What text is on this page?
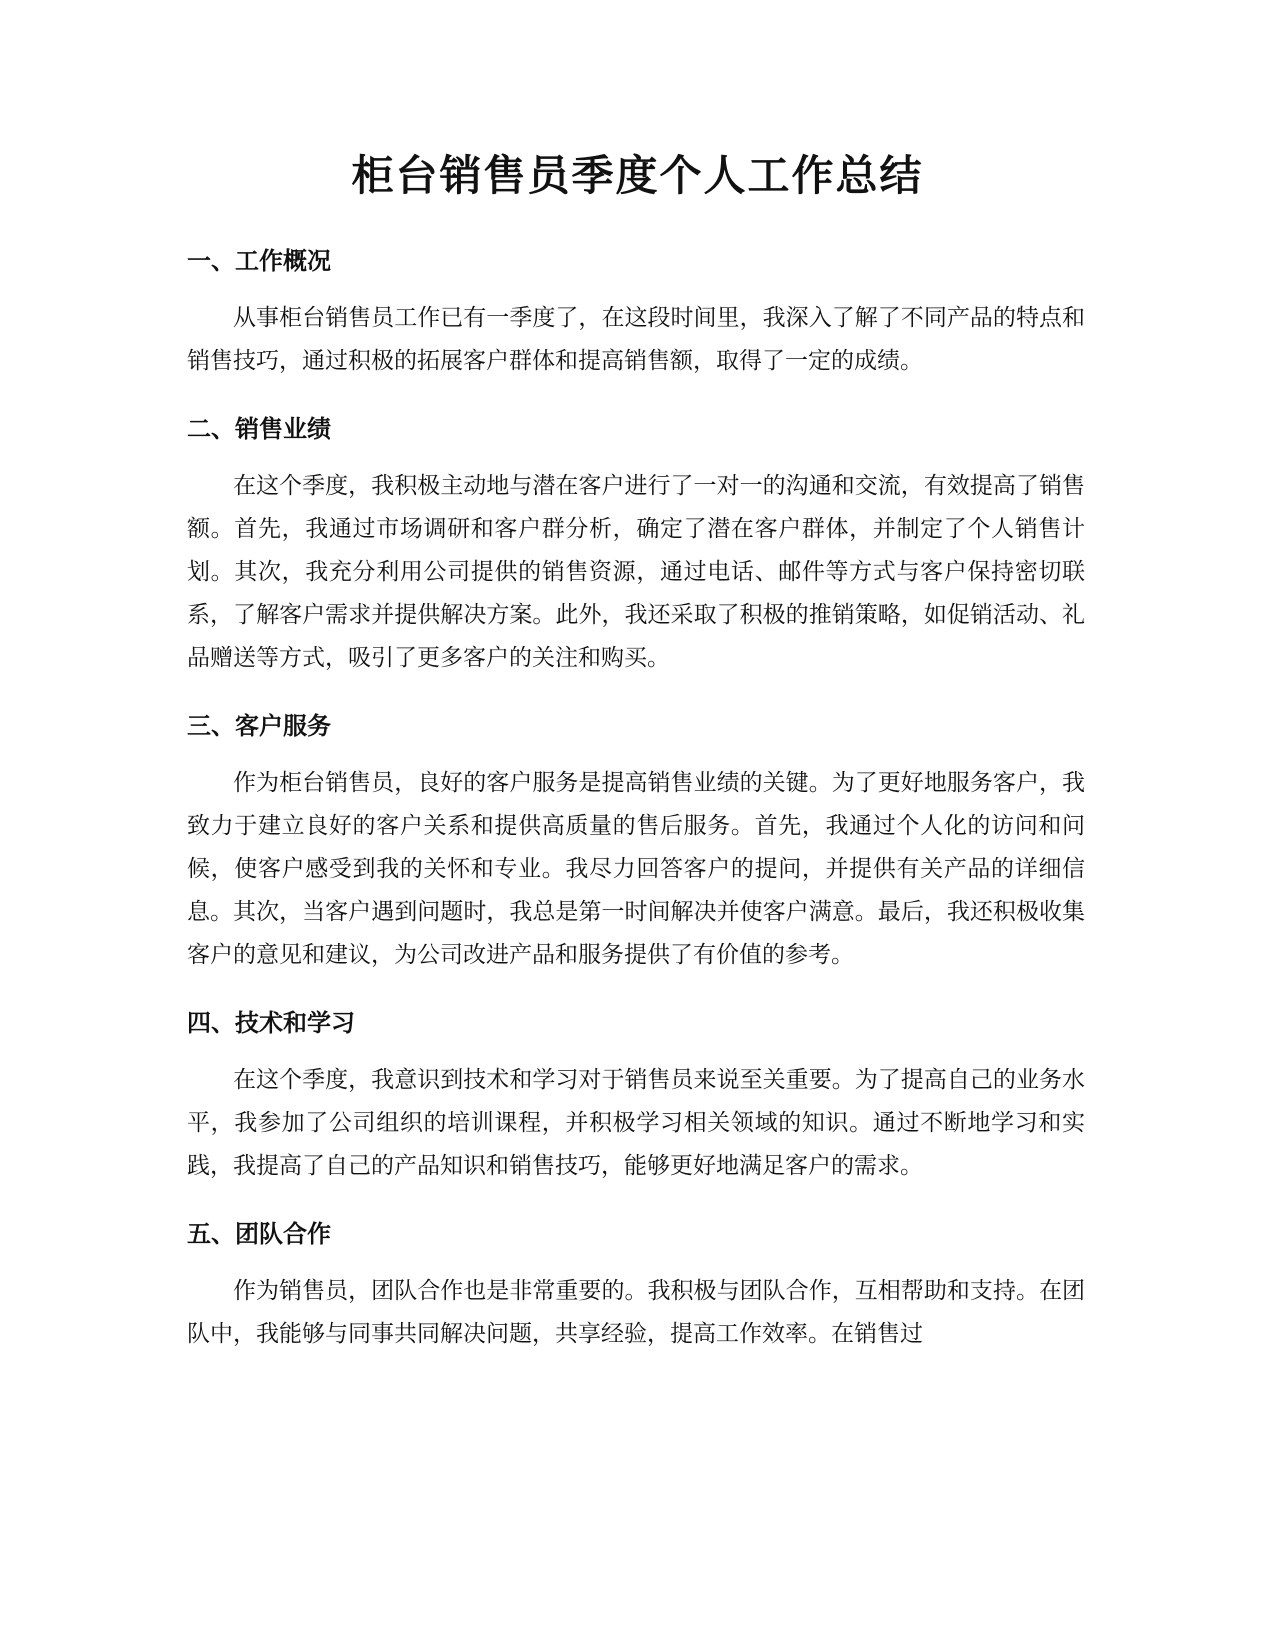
柜台销售员季度个人工作总结
一、工作概况

从事柜台销售员工作已有一季度了，在这段时间里，我深入了解了不同产品的特点和销售技巧，通过积极的拓展客户群体和提高销售额，取得了一定的成绩。

二、销售业绩

在这个季度，我积极主动地与潜在客户进行了一对一的沟通和交流，有效提高了销售额。首先，我通过市场调研和客户群分析，确定了潜在客户群体，并制定了个人销售计划。其次，我充分利用公司提供的销售资源，通过电话、邮件等方式与客户保持密切联系，了解客户需求并提供解决方案。此外，我还采取了积极的推销策略，如促销活动、礼品赠送等方式，吸引了更多客户的关注和购买。

三、客户服务

作为柜台销售员，良好的客户服务是提高销售业绩的关键。为了更好地服务客户，我致力于建立良好的客户关系和提供高质量的售后服务。首先，我通过个人化的访问和问候，使客户感受到我的关怀和专业。我尽力回答客户的提问，并提供有关产品的详细信息。其次，当客户遇到问题时，我总是第一时间解决并使客户满意。最后，我还积极收集客户的意见和建议，为公司改进产品和服务提供了有价值的参考。

四、技术和学习

在这个季度，我意识到技术和学习对于销售员来说至关重要。为了提高自己的业务水平，我参加了公司组织的培训课程，并积极学习相关领域的知识。通过不断地学习和实践，我提高了自己的产品知识和销售技巧，能够更好地满足客户的需求。

五、团队合作

作为销售员，团队合作也是非常重要的。我积极与团队合作，互相帮助和支持。在团队中，我能够与同事共同解决问题，共享经验，提高工作效率。在销售过
